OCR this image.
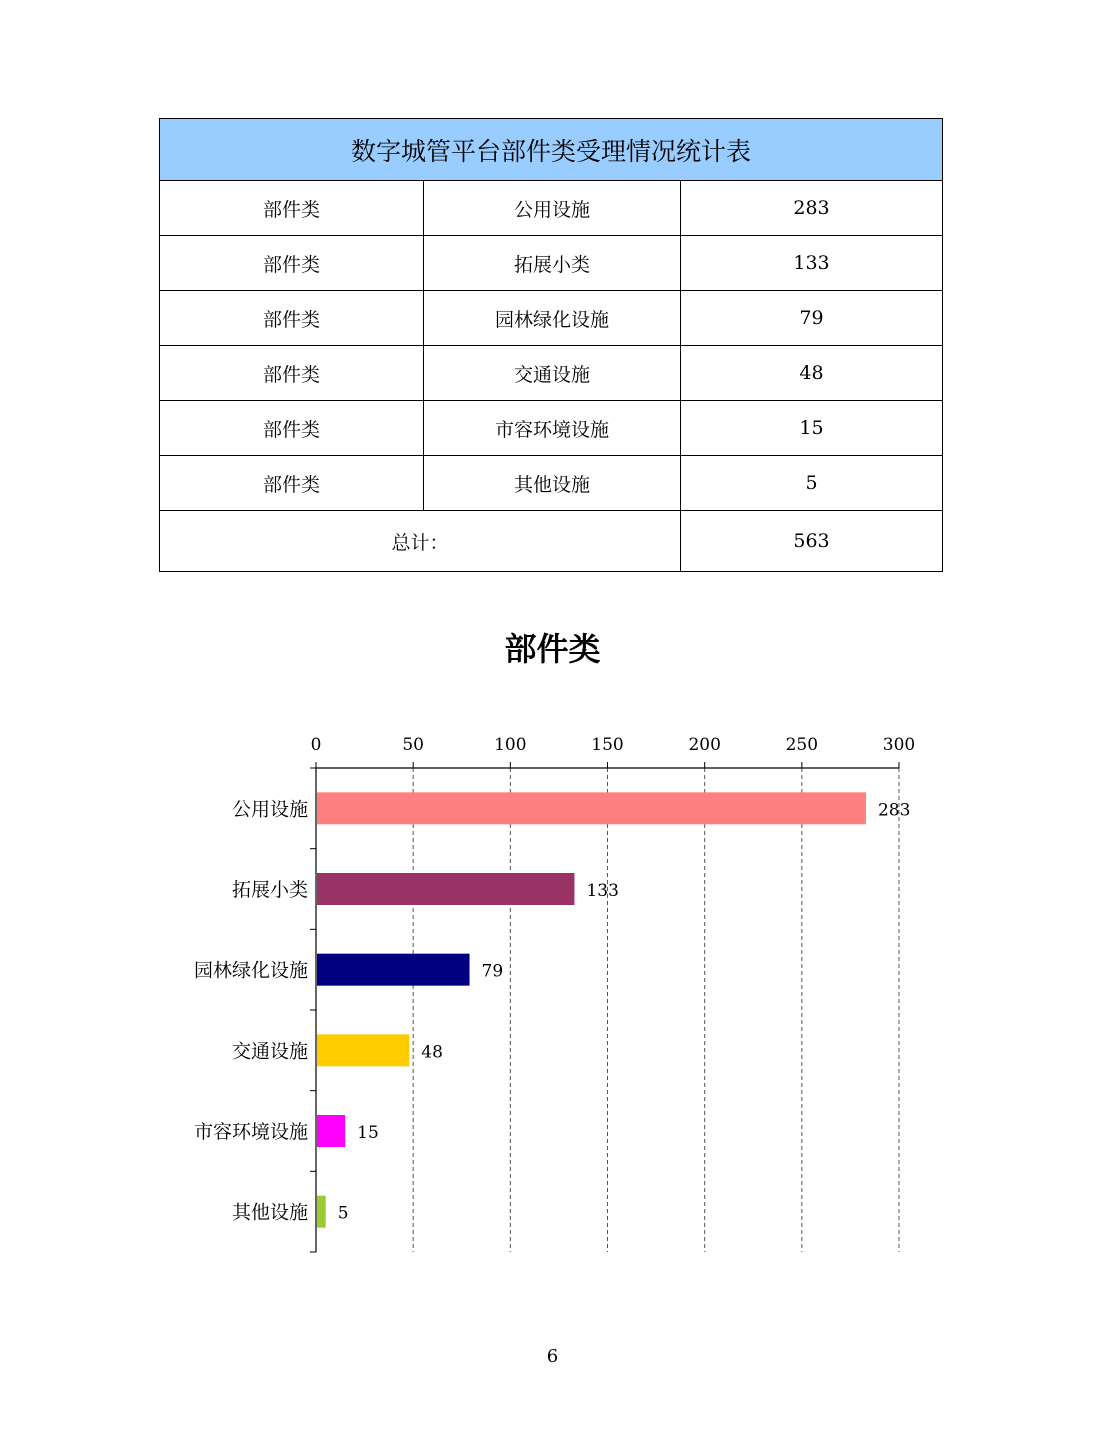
数字城管平台部件类受理情况统计表		
部件类	公用设施	283
部件类	拓展小类	133
部件类	园林绿化设施	79
部件类	交通设施	48
部件类	市容环境设施	15
部件类	其他设施	5
总计：		563
部件类
0	50	100	150	200	250	300
公用设施	283
拓展小类	133
园林绿化设施	79
交通设施	48
市容环境设施	15
其他设施 5
6
